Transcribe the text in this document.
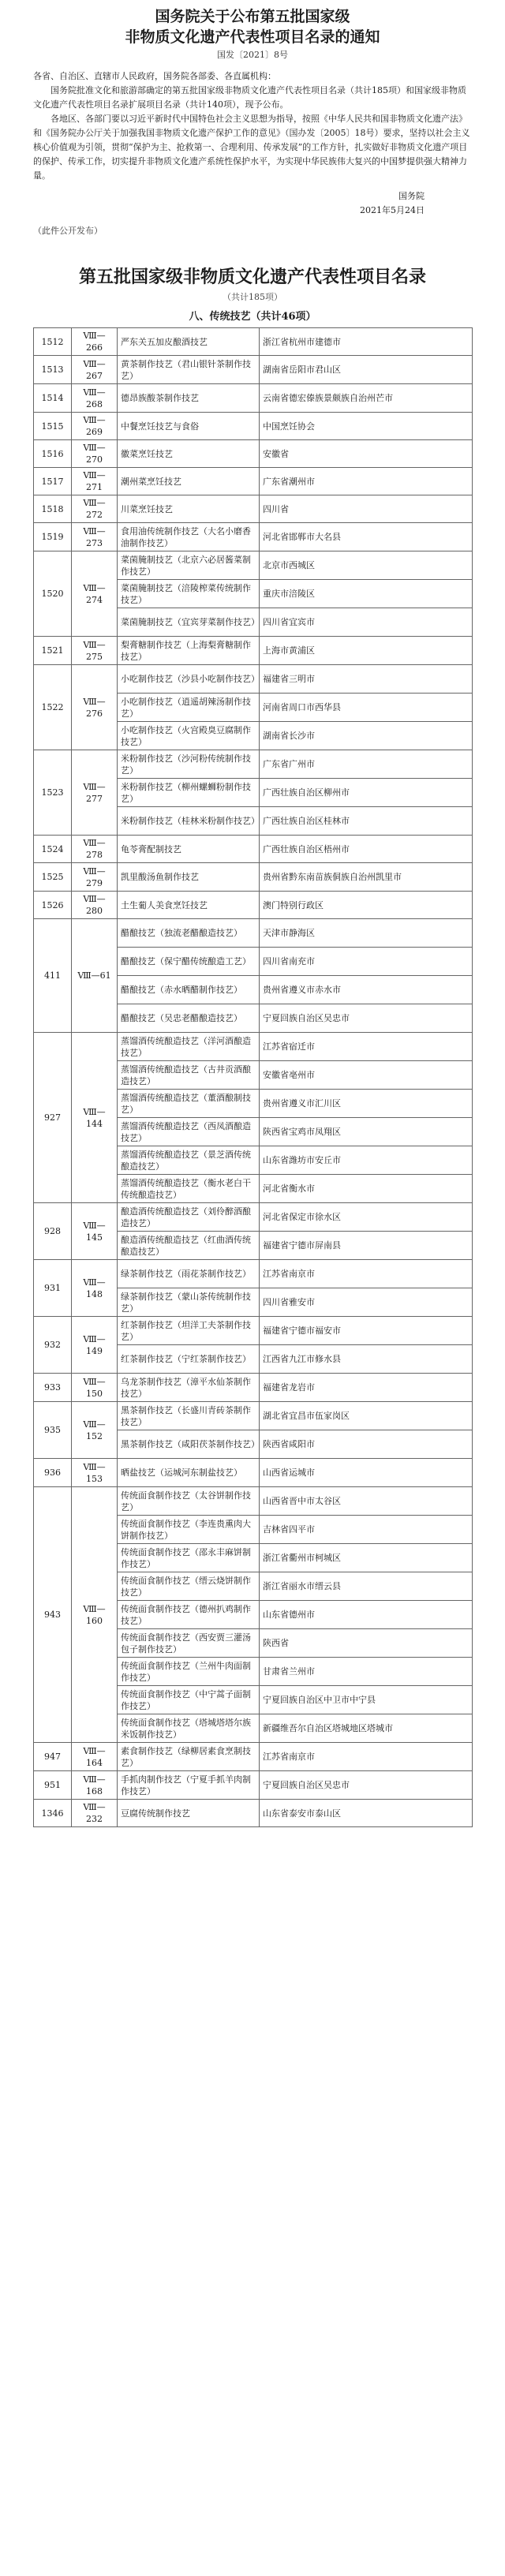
国务院关于公布第五批国家级
非物质文化遗产代表性项目名录的通知
国发〔2021〕8号

各省、自治区、直辖市人民政府，国务院各部委、各直属机构：

国务院批准文化和旅游部确定的第五批国家级非物质文化遗产代表性项目名录（共计185项）和国家级非物质文化遗产代表性项目名录扩展项目名录（共计140项），现予公布。

各地区、各部门要以习近平新时代中国特色社会主义思想为指导，按照《中华人民共和国非物质文化遗产法》和《国务院办公厅关于加强我国非物质文化遗产保护工作的意见》（国办发〔2005〕18号）要求，坚持以社会主义核心价值观为引领，贯彻“保护为主、抢救第一、合理利用、传承发展”的工作方针，扎实做好非物质文化遗产项目的保护、传承工作，切实提升非物质文化遗产系统性保护水平，为实现中华民族伟大复兴的中国梦提供强大精神力量。

国务院
2021年5月24日
（此件公开发布）
第五批国家级非物质文化遗产代表性项目名录
（共计185项）
八、传统技艺（共计46项）
1512	Ⅷ—266	严东关五加皮酿酒技艺	浙江省杭州市建德市
1513	Ⅷ—267	黄茶制作技艺（君山银针茶制作技艺）	湖南省岳阳市君山区
1514	Ⅷ—268	德昂族酸茶制作技艺	云南省德宏傣族景颇族自治州芒市
1515	Ⅷ—269	中餐烹饪技艺与食俗	中国烹饪协会
1516	Ⅷ—270	徽菜烹饪技艺	安徽省
1517	Ⅷ—271	潮州菜烹饪技艺	广东省潮州市
1518	Ⅷ—272	川菜烹饪技艺	四川省
1519	Ⅷ—273	食用油传统制作技艺（大名小磨香油制作技艺）	河北省邯郸市大名县
1520	Ⅷ—274	菜菌腌制技艺（北京六必居酱菜制作技艺）	北京市西城区
		菜菌腌制技艺（涪陵榨菜传统制作技艺）	重庆市涪陵区
		菜菌腌制技艺（宜宾芽菜制作技艺）	四川省宜宾市
1521	Ⅷ—275	梨膏糖制作技艺（上海梨膏糖制作技艺）	上海市黄浦区
1522	Ⅷ—276	小吃制作技艺（沙县小吃制作技艺）	福建省三明市
		小吃制作技艺（逍遥胡辣汤制作技艺）	河南省周口市西华县
		小吃制作技艺（火宫殿臭豆腐制作技艺）	湖南省长沙市
1523	Ⅷ—277	米粉制作技艺（沙河粉传统制作技艺）	广东省广州市
		米粉制作技艺（柳州螺蛳粉制作技艺）	广西壮族自治区柳州市
		米粉制作技艺（桂林米粉制作技艺）	广西壮族自治区桂林市
1524	Ⅷ—278	龟苓膏配制技艺	广西壮族自治区梧州市
1525	Ⅷ—279	凯里酸汤鱼制作技艺	贵州省黔东南苗族侗族自治州凯里市
1526	Ⅷ—280	土生葡人美食烹饪技艺	澳门特别行政区
411	Ⅷ—61	醋酿技艺（独流老醋酿造技艺）	天津市静海区
		醋酿技艺（保宁醋传统酿造工艺）	四川省南充市
		醋酿技艺（赤水晒醋制作技艺）	贵州省遵义市赤水市
		醋酿技艺（吴忠老醋酿造技艺）	宁夏回族自治区吴忠市
927	Ⅷ—144	蒸馏酒传统酿造技艺（洋河酒酿造技艺）	江苏省宿迁市
		蒸馏酒传统酿造技艺（古井贡酒酿造技艺）	安徽省亳州市
		蒸馏酒传统酿造技艺（董酒酿制技艺）	贵州省遵义市汇川区
		蒸馏酒传统酿造技艺（西凤酒酿造技艺）	陕西省宝鸡市凤翔区
		蒸馏酒传统酿造技艺（景芝酒传统酿造技艺）	山东省潍坊市安丘市
		蒸馏酒传统酿造技艺（衡水老白干传统酿造技艺）	河北省衡水市
928	Ⅷ—145	酿造酒传统酿造技艺（刘伶醉酒酿造技艺）	河北省保定市徐水区
		酿造酒传统酿造技艺（红曲酒传统酿造技艺）	福建省宁德市屏南县
931	Ⅷ—148	绿茶制作技艺（雨花茶制作技艺）	江苏省南京市
		绿茶制作技艺（蒙山茶传统制作技艺）	四川省雅安市
932	Ⅷ—149	红茶制作技艺（坦洋工夫茶制作技艺）	福建省宁德市福安市
		红茶制作技艺（宁红茶制作技艺）	江西省九江市修水县
933	Ⅷ—150	乌龙茶制作技艺（漳平水仙茶制作技艺）	福建省龙岩市
935	Ⅷ—152	黑茶制作技艺（长盛川青砖茶制作技艺）	湖北省宜昌市伍家岗区
		黑茶制作技艺（咸阳茯茶制作技艺）	陕西省咸阳市
936	Ⅷ—153	晒盐技艺（运城河东制盐技艺）	山西省运城市
943	Ⅷ—160	传统面食制作技艺（太谷饼制作技艺）	山西省晋中市太谷区
		传统面食制作技艺（李连贵熏肉大饼制作技艺）	吉林省四平市
		传统面食制作技艺（邵永丰麻饼制作技艺）	浙江省衢州市柯城区
		传统面食制作技艺（缙云烧饼制作技艺）	浙江省丽水市缙云县
		传统面食制作技艺（德州扒鸡制作技艺）	山东省德州市
		传统面食制作技艺（西安贾三灌汤包子制作技艺）	陕西省
		传统面食制作技艺（兰州牛肉面制作技艺）	甘肃省兰州市
		传统面食制作技艺（中宁蒿子面制作技艺）	宁夏回族自治区中卫市中宁县
		传统面食制作技艺（塔城塔塔尔族米饭制作技艺）	新疆维吾尔自治区塔城地区塔城市
947	Ⅷ—164	素食制作技艺（绿柳居素食烹制技艺）	江苏省南京市
951	Ⅷ—168	手抓肉制作技艺（宁夏手抓羊肉制作技艺）	宁夏回族自治区吴忠市
1346	Ⅷ—232	豆腐传统制作技艺	山东省泰安市泰山区
